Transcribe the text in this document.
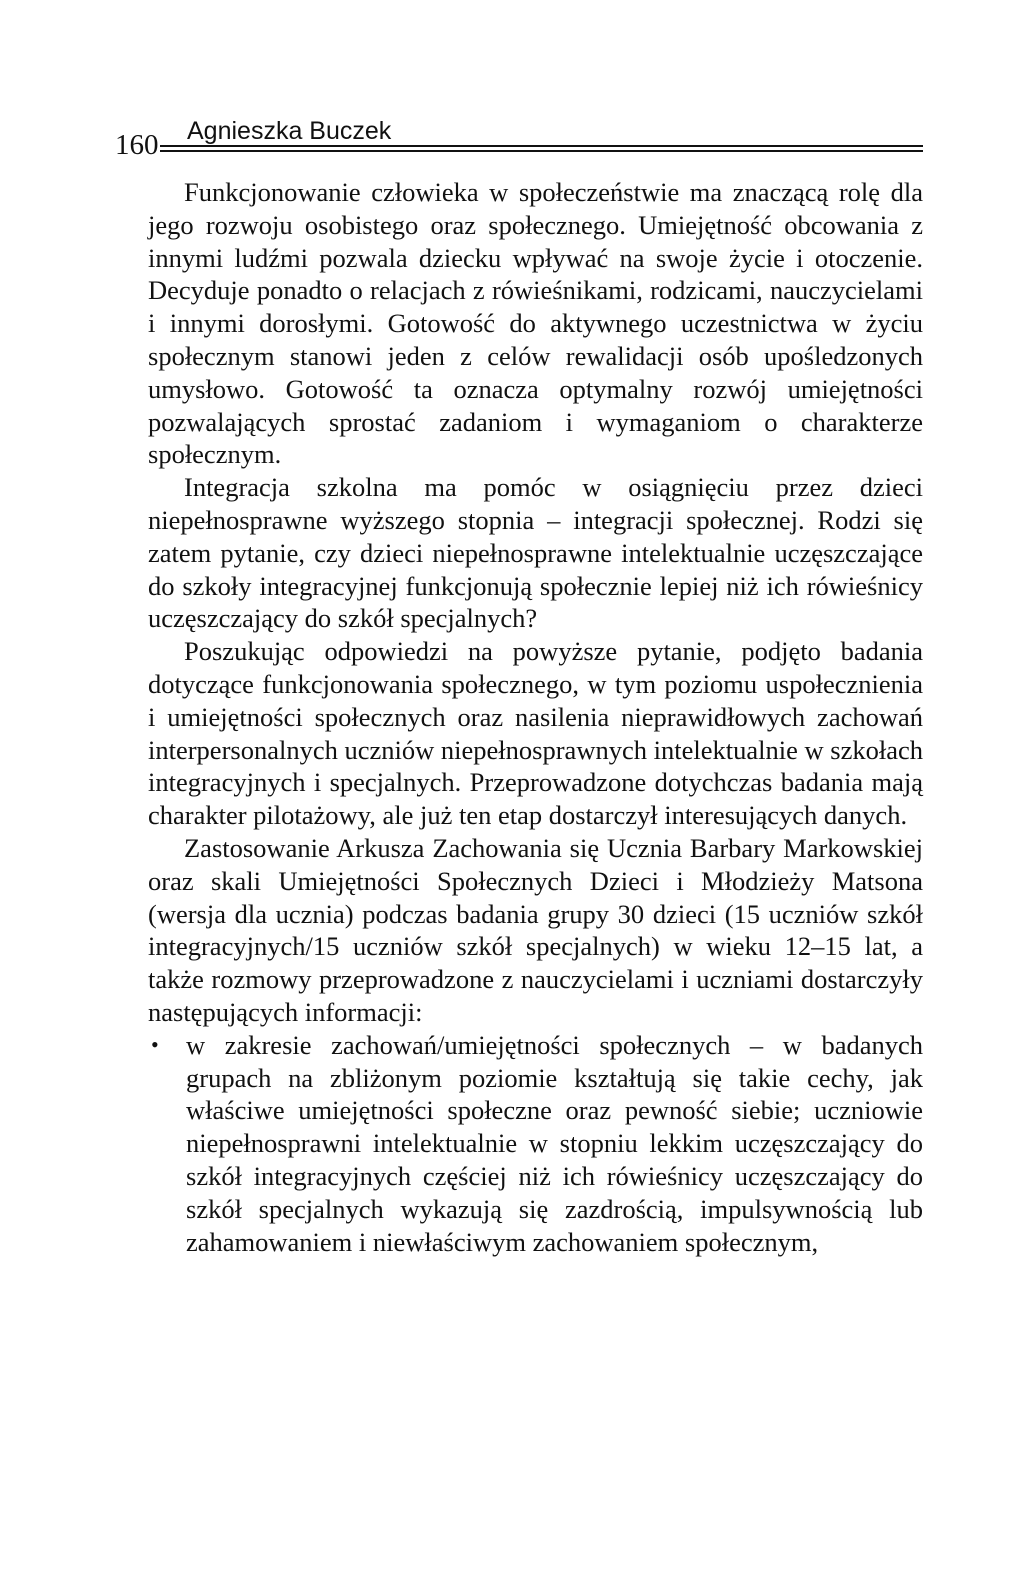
160 Agnieszka Buczek

Funkcjonowanie człowieka w społeczeństwie ma znaczącą rolę dla jego rozwoju osobistego oraz społecznego. Umiejętność obcowania z innymi ludźmi pozwala dziecku wpływać na swoje życie i otoczenie. Decyduje ponadto o relacjach z rówieśnikami, rodzicami, nauczycielami i innymi dorosłymi. Gotowość do aktywnego uczestnictwa w życiu społecznym stanowi jeden z celów rewalidacji osób upośledzonych umysłowo. Gotowość ta oznacza optymalny rozwój umiejętności pozwalających sprostać zadaniom i wymaganiom o charakterze społecznym.

Integracja szkolna ma pomóc w osiągnięciu przez dzieci niepełnosprawne wyższego stopnia – integracji społecznej. Rodzi się zatem pytanie, czy dzieci niepełnosprawne intelektualnie uczęszczające do szkoły integracyjnej funkcjonują społecznie lepiej niż ich rówieśnicy uczęszczający do szkół specjalnych?

Poszukując odpowiedzi na powyższe pytanie, podjęto badania dotyczące funkcjonowania społecznego, w tym poziomu uspołecznienia i umiejętności społecznych oraz nasilenia nieprawidłowych zachowań interpersonalnych uczniów niepełnosprawnych intelektualnie w szkołach integracyjnych i specjalnych. Przeprowadzone dotychczas badania mają charakter pilotażowy, ale już ten etap dostarczył interesujących danych.

Zastosowanie Arkusza Zachowania się Ucznia Barbary Markowskiej oraz skali Umiejętności Społecznych Dzieci i Młodzieży Matsona (wersja dla ucznia) podczas badania grupy 30 dzieci (15 uczniów szkół integracyjnych/15 uczniów szkół specjalnych) w wieku 12–15 lat, a także rozmowy przeprowadzone z nauczycielami i uczniami dostarczyły następujących informacji:

• w zakresie zachowań/umiejętności społecznych – w badanych grupach na zbliżonym poziomie kształtują się takie cechy, jak właściwe umiejętności społeczne oraz pewność siebie; uczniowie niepełnosprawni intelektualnie w stopniu lekkim uczęszczający do szkół integracyjnych częściej niż ich rówieśnicy uczęszczający do szkół specjalnych wykazują się zazdrością, impulsywnością lub zahamowaniem i niewłaściwym zachowaniem społecznym,
